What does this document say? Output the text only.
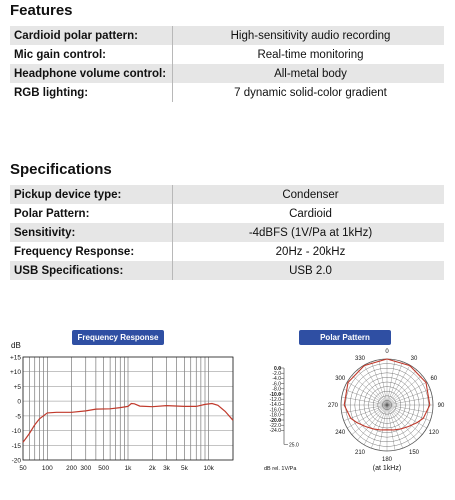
Features
Cardioid polar pattern:	High-sensitivity audio recording
Mic gain control:	Real-time monitoring
Headphone volume control:	All-metal body
RGB lighting:	7 dynamic solid-color gradient
Specifications
Pickup device type:	Condenser
Polar Pattern:	Cardioid
Sensitivity:	-4dBFS (1V/Pa at 1kHz)
Frequency Response:	20Hz - 20kHz
USB Specifications:	USB 2.0
Frequency Response	Polar Pattern
dB
+15
+10
+5
0
-5
-10
-15
-20
50 100 200 300 500 1k	2k 3k 5k 10k
0.0
-2.0
-4.0
-6.0
-8.0
-10.0
-12.0
-14.0
-16.0
-18.0
-20.0
-22.0
-24.0
25.0
dB rel. 1V/Pa
330
0
30
60
90
120
150
180
210
240
270
300
(at 1kHz)
